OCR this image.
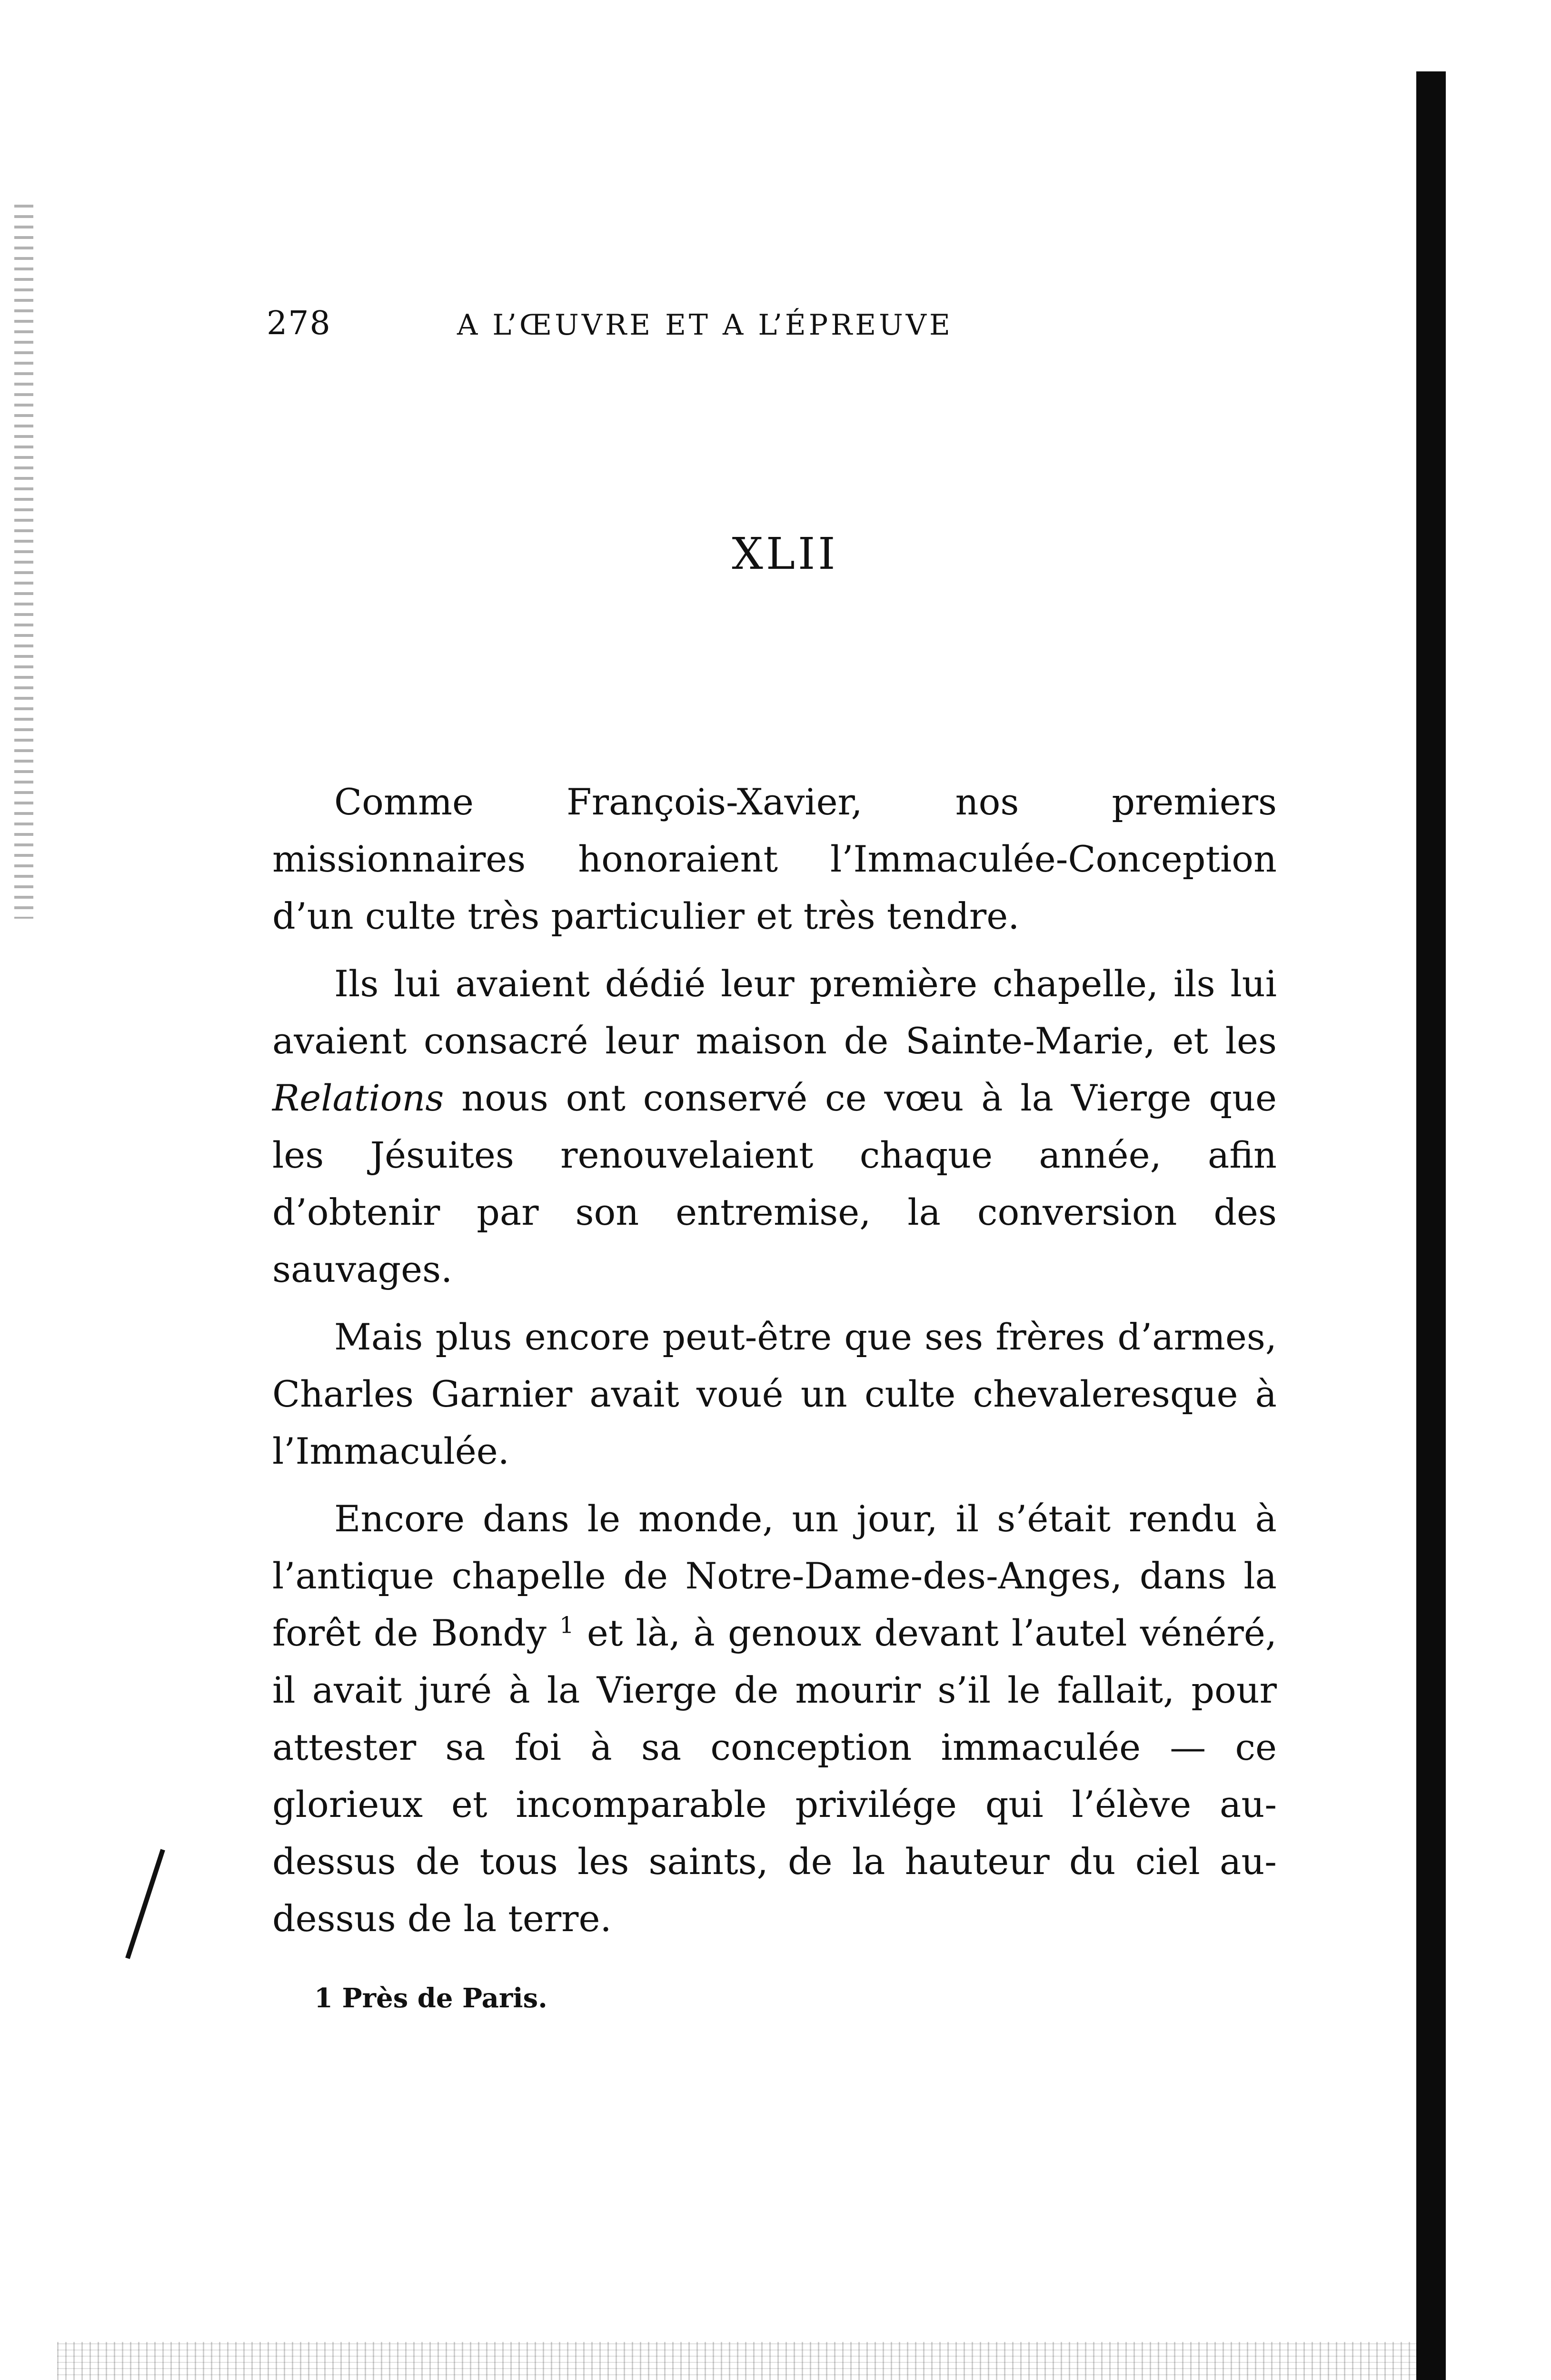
278	A L’ŒUVRE ET A L’ÉPREUVE
XLII

Comme François-Xavier, nos premiers missionnaires honoraient l’Immaculée-Conception d’un culte très particulier et très tendre.

Ils lui avaient dédié leur première chapelle, ils lui avaient consacré leur maison de Sainte-Marie, et les Relations nous ont conservé ce vœu à la Vierge que les Jésuites renouvelaient chaque année, afin d’obtenir par son entremise, la conversion des sauvages.

Mais plus encore peut-être que ses frères d’armes, Charles Garnier avait voué un culte chevaleresque à l’Immaculée.

Encore dans le monde, un jour, il s’était rendu à l’antique chapelle de Notre-Dame-des-Anges, dans la forêt de Bondy $^1$ et là, à genoux devant l’autel vénéré, il avait juré à la Vierge de mourir s’il le fallait, pour attester sa foi à sa conception immaculée — ce glorieux et incomparable privilége qui l’élève au-dessus de tous les saints, de la hauteur du ciel au-dessus de la terre.

1 Près de Paris.
